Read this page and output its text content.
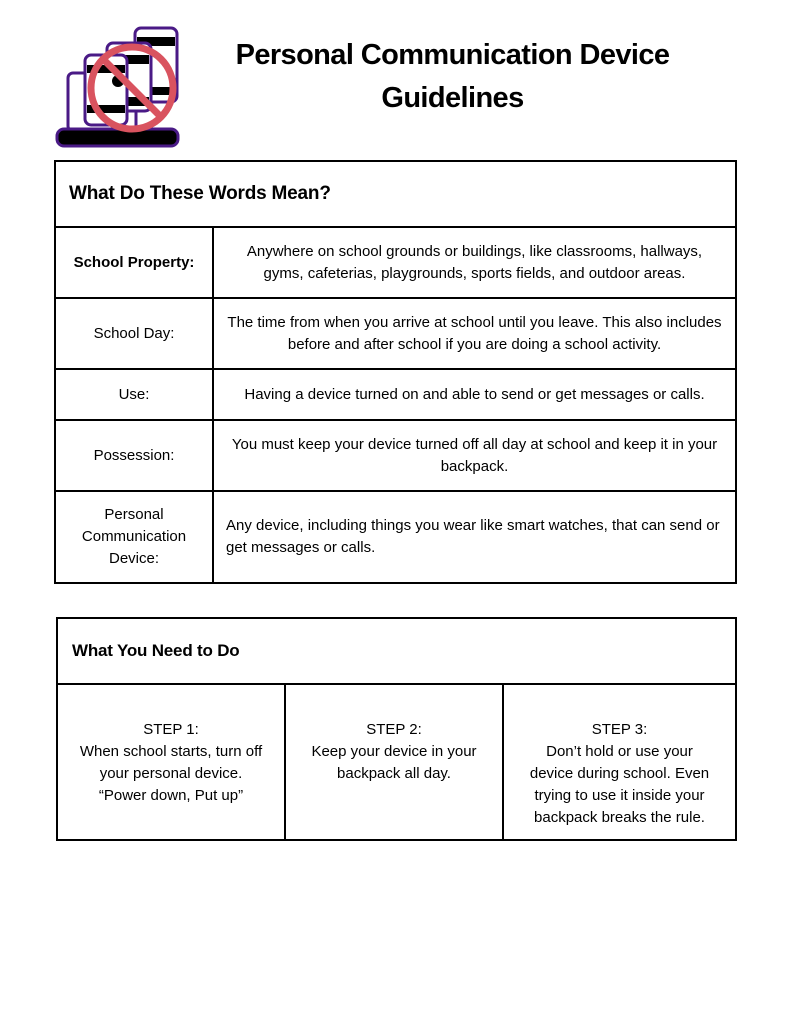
Personal Communication Device
Guidelines
What Do These Words Mean?	
School Property:	Anywhere on school grounds or buildings, like classrooms, hallways, gyms, cafeterias, playgrounds, sports fields, and outdoor areas.
School Day:	The time from when you arrive at school until you leave. This also includes before and after school if you are doing a school activity.
Use:	Having a device turned on and able to send or get messages or calls.
Possession:	You must keep your device turned off all day at school and keep it in your backpack.
Personal Communication Device:	Any device, including things you wear like smart watches, that can send or get messages or calls.
What You Need to Do

STEP 1:
When school starts, turn off your personal device.
“Power down, Put up”

STEP 2:
Keep your device in your backpack all day.

STEP 3:
Don’t hold or use your device during school. Even trying to use it inside your backpack breaks the rule.
